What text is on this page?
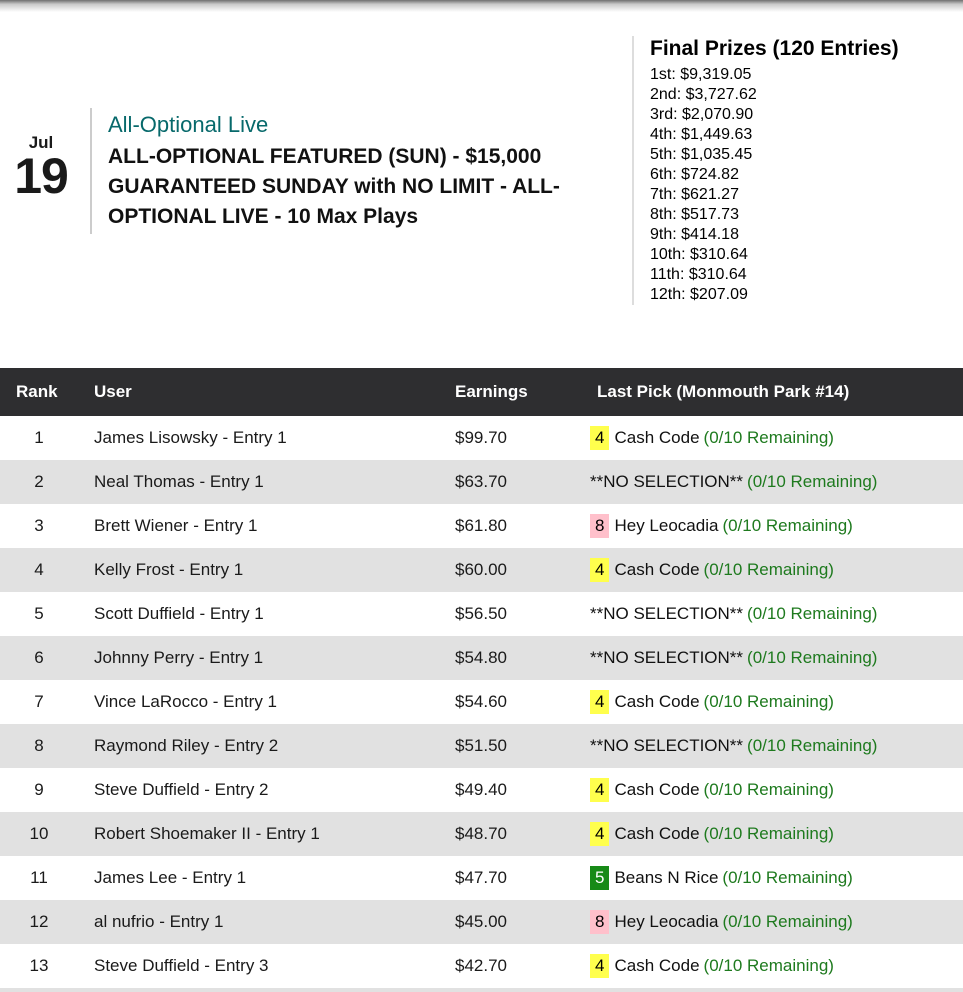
Jul
19
All-Optional Live
ALL-OPTIONAL FEATURED (SUN) - $15,000 GUARANTEED SUNDAY with NO LIMIT - ALL-OPTIONAL LIVE - 10 Max Plays
Final Prizes (120 Entries)
1st: $9,319.05
2nd: $3,727.62
3rd: $2,070.90
4th: $1,449.63
5th: $1,035.45
6th: $724.82
7th: $621.27
8th: $517.73
9th: $414.18
10th: $310.64
11th: $310.64
12th: $207.09
Rank	User	Earnings	Last Pick (Monmouth Park #14)
1	James Lisowsky - Entry 1	$99.70	4 Cash Code (0/10 Remaining)
2	Neal Thomas - Entry 1	$63.70	**NO SELECTION** (0/10 Remaining)
3	Brett Wiener - Entry 1	$61.80	8 Hey Leocadia (0/10 Remaining)
4	Kelly Frost - Entry 1	$60.00	4 Cash Code (0/10 Remaining)
5	Scott Duffield - Entry 1	$56.50	**NO SELECTION** (0/10 Remaining)
6	Johnny Perry - Entry 1	$54.80	**NO SELECTION** (0/10 Remaining)
7	Vince LaRocco - Entry 1	$54.60	4 Cash Code (0/10 Remaining)
8	Raymond Riley - Entry 2	$51.50	**NO SELECTION** (0/10 Remaining)
9	Steve Duffield - Entry 2	$49.40	4 Cash Code (0/10 Remaining)
10	Robert Shoemaker II - Entry 1	$48.70	4 Cash Code (0/10 Remaining)
11	James Lee - Entry 1	$47.70	5 Beans N Rice (0/10 Remaining)
12	al nufrio - Entry 1	$45.00	8 Hey Leocadia (0/10 Remaining)
13	Steve Duffield - Entry 3	$42.70	4 Cash Code (0/10 Remaining)
